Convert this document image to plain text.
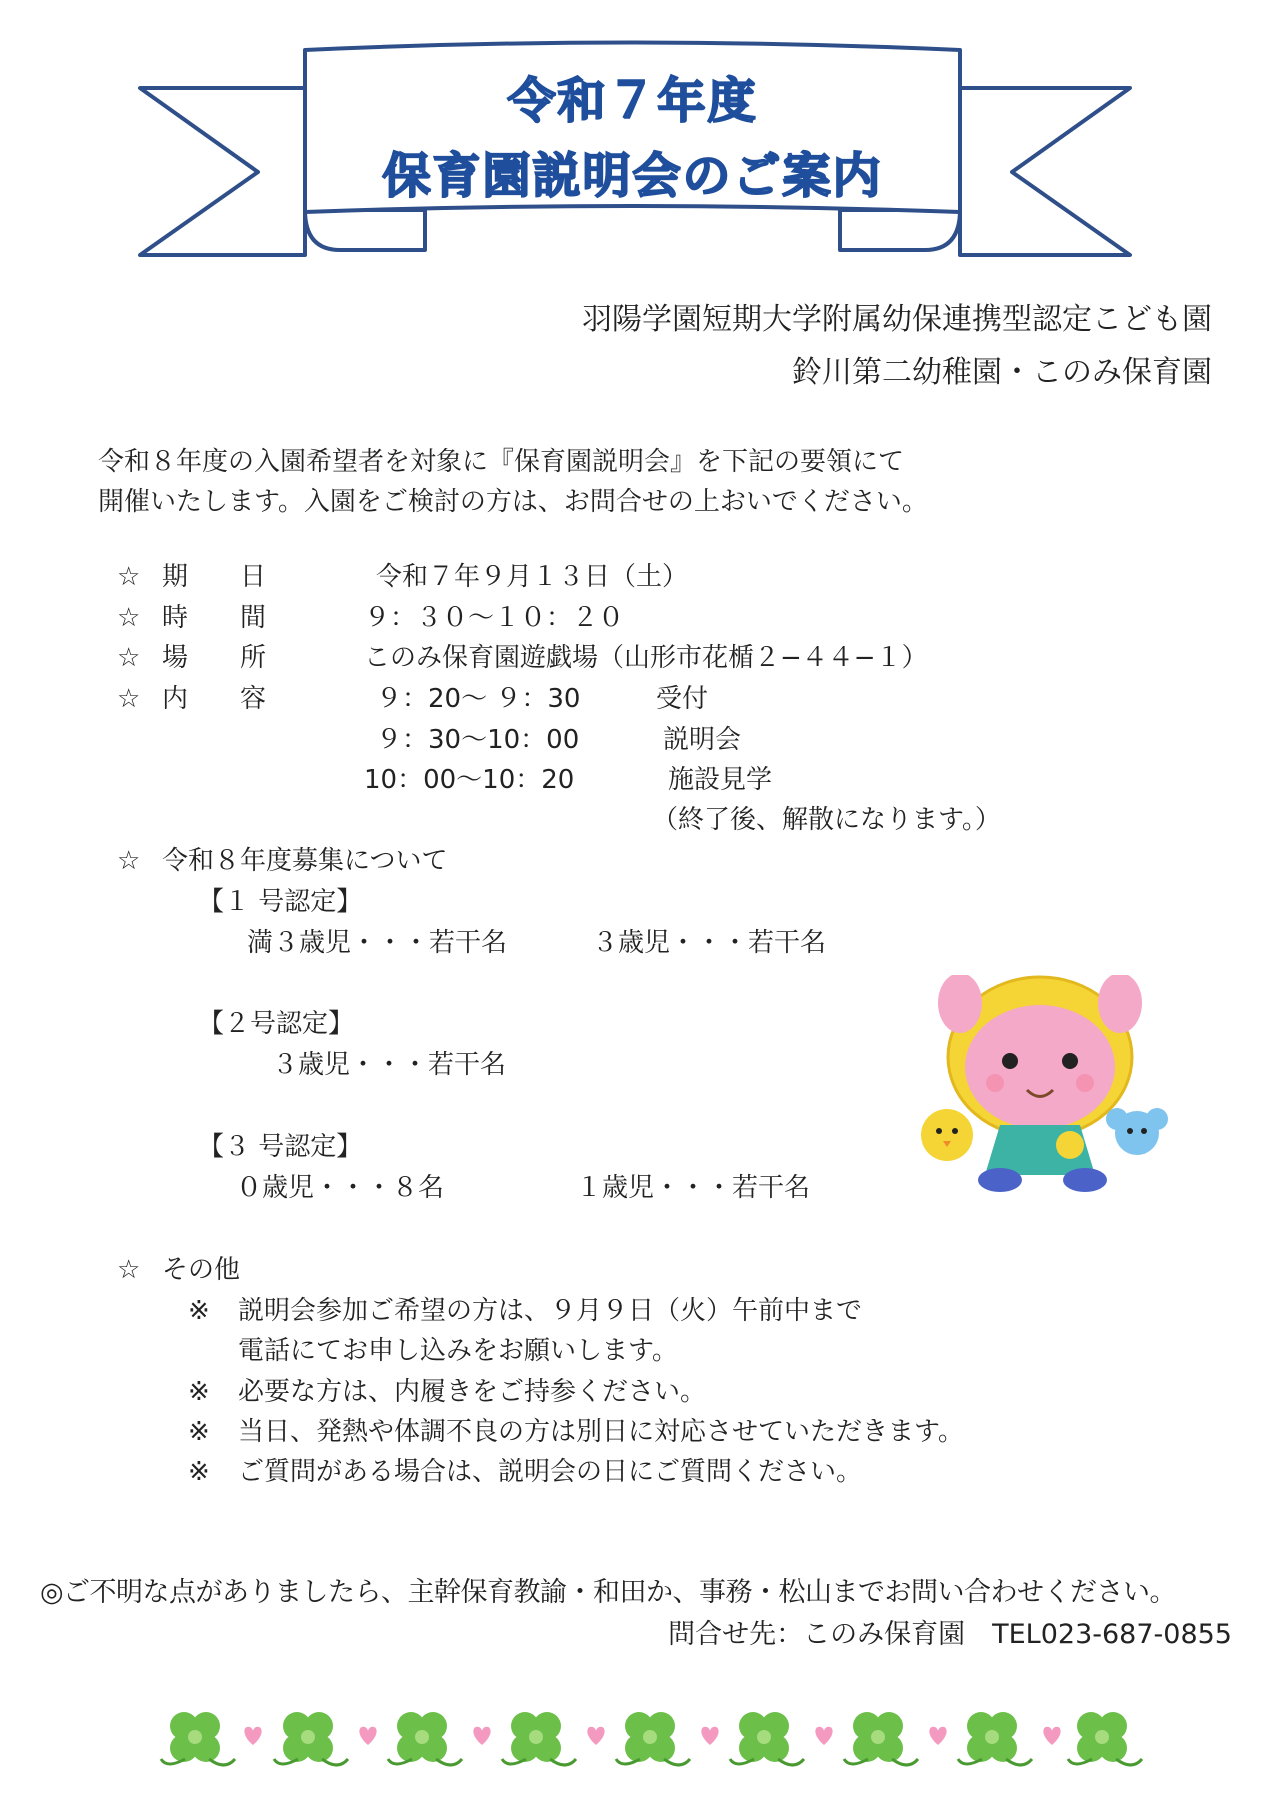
令和７年度
保育園説明会のご案内
羽陽学園短期大学附属幼保連携型認定こども園
鈴川第二幼稚園・このみ保育園
令和８年度の入園希望者を対象に『保育園説明会』を下記の要領にて
開催いたします。入園をご検討の方は、お問合せの上おいでください。
☆ 期　　日	令和７年９月１３日（土）
☆ 時　　間	９：３０〜１０：２０
☆ 場　　所	このみ保育園遊戯場（山形市花楯２−４４−１）
☆ 内　　容	９：20〜 ９：30	受付
９：30〜10：00	説明会
10：00〜10：20	施設見学
（終了後、解散になります。）
☆ 令和８年度募集について
【１ 号認定】
満３歳児・・・若干名	３歳児・・・若干名
【２号認定】
３歳児・・・若干名
【３ 号認定】
０歳児・・・８名	１歳児・・・若干名
☆ その他
※ 説明会参加ご希望の方は、９月９日（火）午前中まで
電話にてお申し込みをお願いします。
※ 必要な方は、内履きをご持参ください。
※ 当日、発熱や体調不良の方は別日に対応させていただきます。
※ ご質問がある場合は、説明会の日にご質問ください。
◎ご不明な点がありましたら、主幹保育教諭・和田か、事務・松山までお問い合わせください。
問合せ先：このみ保育園　TEL023-687-0855
